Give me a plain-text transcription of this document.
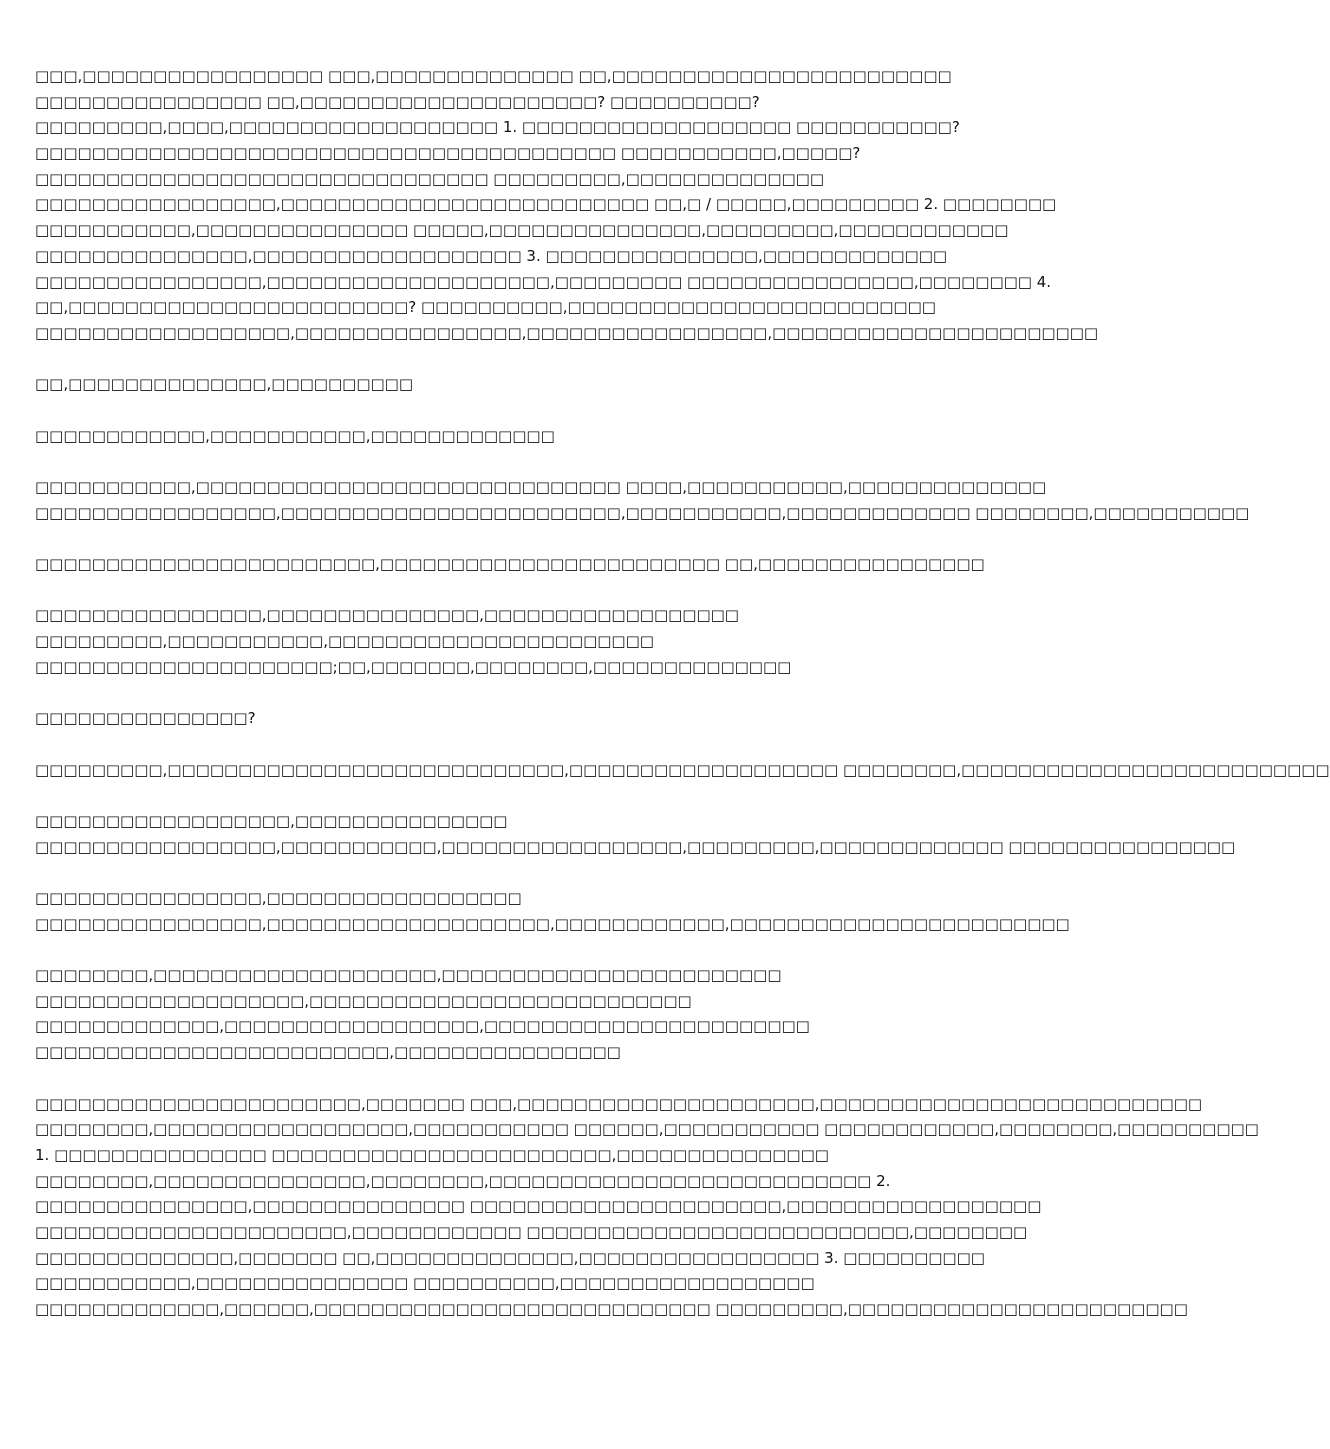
□□□,□□□□□□□□□□□□□□□□□ □□□,□□□□□□□□□□□□□□ □□,□□□□□□□□□□□□□□□□□□□□□□□□
□□□□□□□□□□□□□□□□ □□,□□□□□□□□□□□□□□□□□□□□□? □□□□□□□□□□?
□□□□□□□□□,□□□□,□□□□□□□□□□□□□□□□□□□ 1. □□□□□□□□□□□□□□□□□□□ □□□□□□□□□□□?
□□□□□□□□□□□□□□□□□□□□□□□□□□□□□□□□□□□□□□□□□ □□□□□□□□□□□,□□□□□?
□□□□□□□□□□□□□□□□□□□□□□□□□□□□□□□□ □□□□□□□□□,□□□□□□□□□□□□□□
□□□□□□□□□□□□□□□□□,□□□□□□□□□□□□□□□□□□□□□□□□□□ □□,□ / □□□□□,□□□□□□□□□ 2. □□□□□□□□
□□□□□□□□□□□,□□□□□□□□□□□□□□□ □□□□□,□□□□□□□□□□□□□□□,□□□□□□□□□,□□□□□□□□□□□□
□□□□□□□□□□□□□□□,□□□□□□□□□□□□□□□□□□□ 3. □□□□□□□□□□□□□□□,□□□□□□□□□□□□□
□□□□□□□□□□□□□□□□,□□□□□□□□□□□□□□□□□□□□,□□□□□□□□□ □□□□□□□□□□□□□□□□,□□□□□□□□ 4.
□□,□□□□□□□□□□□□□□□□□□□□□□□□? □□□□□□□□□□,□□□□□□□□□□□□□□□□□□□□□□□□□□
□□□□□□□□□□□□□□□□□□,□□□□□□□□□□□□□□□□,□□□□□□□□□□□□□□□□□,□□□□□□□□□□□□□□□□□□□□□□□
□□,□□□□□□□□□□□□□□,□□□□□□□□□□
□□□□□□□□□□□□,□□□□□□□□□□□,□□□□□□□□□□□□□
□□□□□□□□□□□,□□□□□□□□□□□□□□□□□□□□□□□□□□□□□□ □□□□,□□□□□□□□□□□,□□□□□□□□□□□□□□
□□□□□□□□□□□□□□□□□,□□□□□□□□□□□□□□□□□□□□□□□□,□□□□□□□□□□□,□□□□□□□□□□□□□ □□□□□□□□,□□□□□□□□□□□
□□□□□□□□□□□□□□□□□□□□□□□□,□□□□□□□□□□□□□□□□□□□□□□□□ □□,□□□□□□□□□□□□□□□□
□□□□□□□□□□□□□□□□,□□□□□□□□□□□□□□□,□□□□□□□□□□□□□□□□□□
□□□□□□□□□,□□□□□□□□□□□,□□□□□□□□□□□□□□□□□□□□□□□
□□□□□□□□□□□□□□□□□□□□□;□□,□□□□□□□,□□□□□□□□,□□□□□□□□□□□□□□
□□□□□□□□□□□□□□□?
□□□□□□□□□,□□□□□□□□□□□□□□□□□□□□□□□□□□□□,□□□□□□□□□□□□□□□□□□□ □□□□□□□□,□□□□□□□□□□□□□□□□□□□□□□□□□□
□□□□□□□□□□□□□□□□□□,□□□□□□□□□□□□□□□
□□□□□□□□□□□□□□□□□,□□□□□□□□□□□,□□□□□□□□□□□□□□□□□,□□□□□□□□□,□□□□□□□□□□□□□ □□□□□□□□□□□□□□□□
□□□□□□□□□□□□□□□□,□□□□□□□□□□□□□□□□□□
□□□□□□□□□□□□□□□□,□□□□□□□□□□□□□□□□□□□□,□□□□□□□□□□□□,□□□□□□□□□□□□□□□□□□□□□□□□
□□□□□□□□,□□□□□□□□□□□□□□□□□□□□,□□□□□□□□□□□□□□□□□□□□□□□□
□□□□□□□□□□□□□□□□□□□,□□□□□□□□□□□□□□□□□□□□□□□□□□□
□□□□□□□□□□□□□,□□□□□□□□□□□□□□□□□□,□□□□□□□□□□□□□□□□□□□□□□□
□□□□□□□□□□□□□□□□□□□□□□□□□,□□□□□□□□□□□□□□□□
□□□□□□□□□□□□□□□□□□□□□□□,□□□□□□□ □□□,□□□□□□□□□□□□□□□□□□□□□,□□□□□□□□□□□□□□□□□□□□□□□□□□□
□□□□□□□□,□□□□□□□□□□□□□□□□□□,□□□□□□□□□□□ □□□□□□,□□□□□□□□□□□ □□□□□□□□□□□□,□□□□□□□□,□□□□□□□□□□
1. □□□□□□□□□□□□□□□ □□□□□□□□□□□□□□□□□□□□□□□□,□□□□□□□□□□□□□□□
□□□□□□□□,□□□□□□□□□□□□□□□,□□□□□□□□,□□□□□□□□□□□□□□□□□□□□□□□□□□□ 2.
□□□□□□□□□□□□□□□,□□□□□□□□□□□□□□□ □□□□□□□□□□□□□□□□□□□□□□,□□□□□□□□□□□□□□□□□□
□□□□□□□□□□□□□□□□□□□□□□,□□□□□□□□□□□□ □□□□□□□□□□□□□□□□□□□□□□□□□□□,□□□□□□□□
□□□□□□□□□□□□□□,□□□□□□□ □□,□□□□□□□□□□□□□□,□□□□□□□□□□□□□□□□□ 3. □□□□□□□□□□
□□□□□□□□□□□,□□□□□□□□□□□□□□□ □□□□□□□□□□,□□□□□□□□□□□□□□□□□□
□□□□□□□□□□□□□,□□□□□□,□□□□□□□□□□□□□□□□□□□□□□□□□□□□ □□□□□□□□□,□□□□□□□□□□□□□□□□□□□□□□□□
